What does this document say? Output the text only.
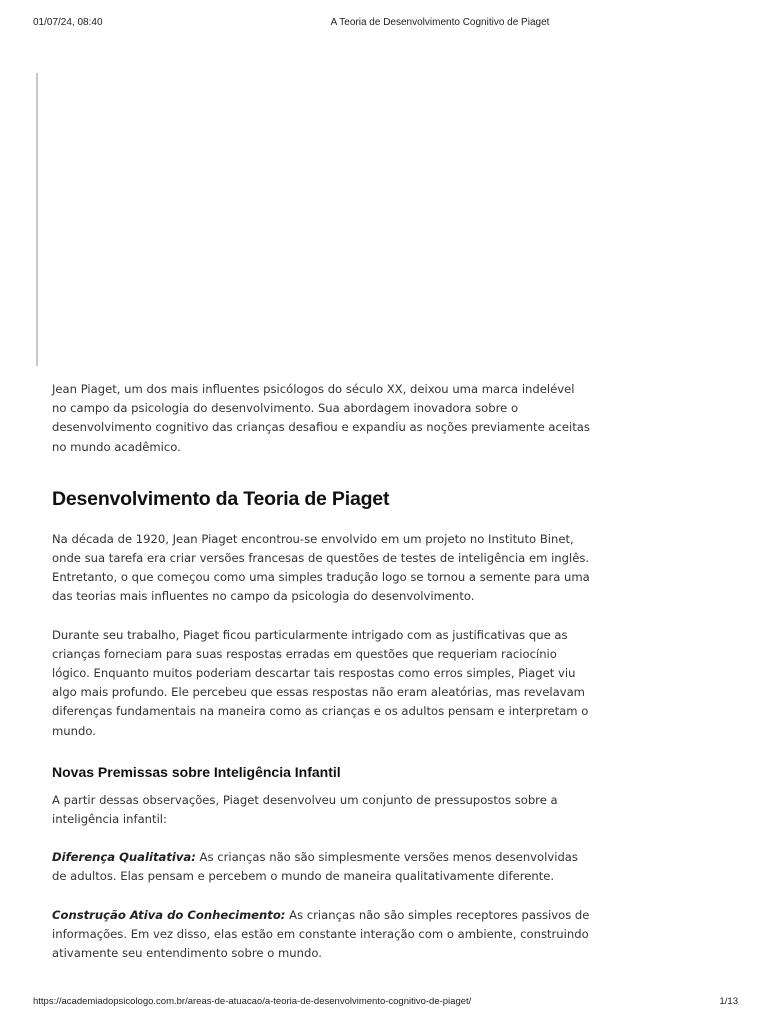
01/07/24, 08:40	A Teoria de Desenvolvimento Cognitivo de Piaget

Jean Piaget, um dos mais influentes psicólogos do século XX, deixou uma marca indelével no campo da psicologia do desenvolvimento. Sua abordagem inovadora sobre o desenvolvimento cognitivo das crianças desafiou e expandiu as noções previamente aceitas no mundo acadêmico.

Desenvolvimento da Teoria de Piaget

Na década de 1920, Jean Piaget encontrou-se envolvido em um projeto no Instituto Binet, onde sua tarefa era criar versões francesas de questões de testes de inteligência em inglês. Entretanto, o que começou como uma simples tradução logo se tornou a semente para uma das teorias mais influentes no campo da psicologia do desenvolvimento.

Durante seu trabalho, Piaget ficou particularmente intrigado com as justificativas que as crianças forneciam para suas respostas erradas em questões que requeriam raciocínio lógico. Enquanto muitos poderiam descartar tais respostas como erros simples, Piaget viu algo mais profundo. Ele percebeu que essas respostas não eram aleatórias, mas revelavam diferenças fundamentais na maneira como as crianças e os adultos pensam e interpretam o mundo.

Novas Premissas sobre Inteligência Infantil

A partir dessas observações, Piaget desenvolveu um conjunto de pressupostos sobre a inteligência infantil:

Diferença Qualitativa: As crianças não são simplesmente versões menos desenvolvidas de adultos. Elas pensam e percebem o mundo de maneira qualitativamente diferente.

Construção Ativa do Conhecimento: As crianças não são simples receptores passivos de informações. Em vez disso, elas estão em constante interação com o ambiente, construindo ativamente seu entendimento sobre o mundo.

https://academiadopsicologo.com.br/areas-de-atuacao/a-teoria-de-desenvolvimento-cognitivo-de-piaget/	1/13
